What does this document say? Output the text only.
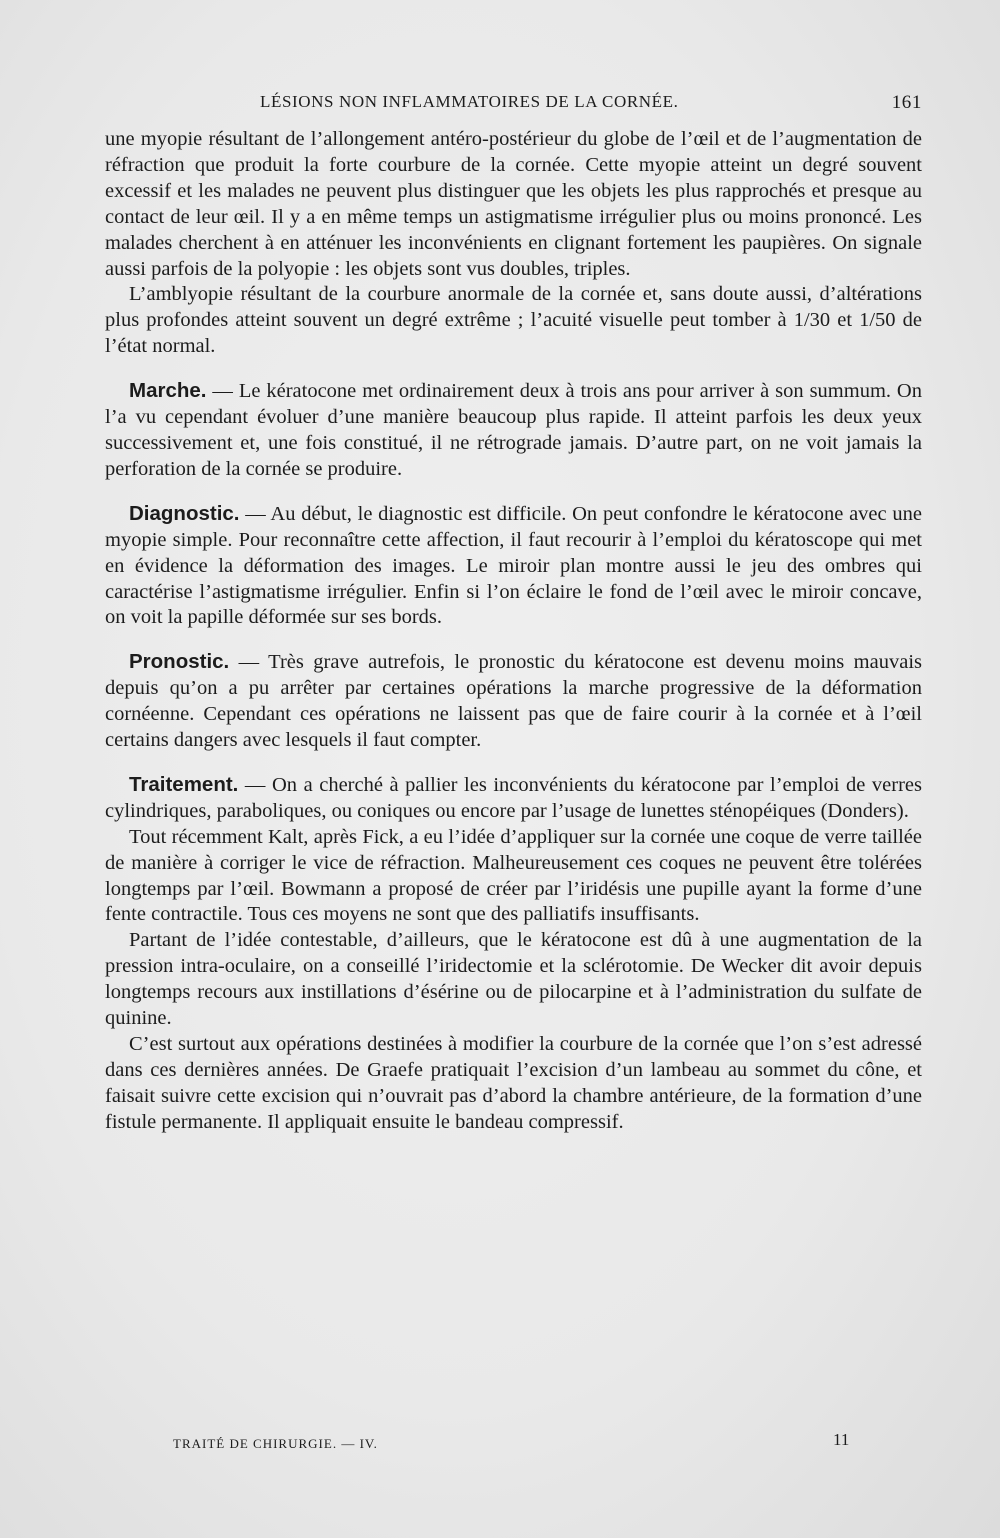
LÉSIONS NON INFLAMMATOIRES DE LA CORNÉE.	161

une myopie résultant de l’allongement antéro-postérieur du globe de l’œil et de l’augmentation de réfraction que produit la forte courbure de la cornée. Cette myopie atteint un degré souvent excessif et les malades ne peuvent plus distinguer que les objets les plus rapprochés et presque au contact de leur œil. Il y a en même temps un astigmatisme irrégulier plus ou moins prononcé. Les malades cherchent à en atténuer les inconvénients en clignant fortement les paupières. On signale aussi parfois de la polyopie : les objets sont vus doubles, triples.

L’amblyopie résultant de la courbure anormale de la cornée et, sans doute aussi, d’altérations plus profondes atteint souvent un degré extrême ; l’acuité visuelle peut tomber à 1/30 et 1/50 de l’état normal.

Marche. — Le kératocone met ordinairement deux à trois ans pour arriver à son summum. On l’a vu cependant évoluer d’une manière beaucoup plus rapide. Il atteint parfois les deux yeux successivement et, une fois constitué, il ne rétrograde jamais. D’autre part, on ne voit jamais la perforation de la cornée se produire.

Diagnostic. — Au début, le diagnostic est difficile. On peut confondre le kératocone avec une myopie simple. Pour reconnaître cette affection, il faut recourir à l’emploi du kératoscope qui met en évidence la déformation des images. Le miroir plan montre aussi le jeu des ombres qui caractérise l’astigmatisme irrégulier. Enfin si l’on éclaire le fond de l’œil avec le miroir concave, on voit la papille déformée sur ses bords.

Pronostic. — Très grave autrefois, le pronostic du kératocone est devenu moins mauvais depuis qu’on a pu arrêter par certaines opérations la marche progressive de la déformation cornéenne. Cependant ces opérations ne laissent pas que de faire courir à la cornée et à l’œil certains dangers avec lesquels il faut compter.

Traitement. — On a cherché à pallier les inconvénients du kératocone par l’emploi de verres cylindriques, paraboliques, ou coniques ou encore par l’usage de lunettes sténopéiques (Donders).

Tout récemment Kalt, après Fick, a eu l’idée d’appliquer sur la cornée une coque de verre taillée de manière à corriger le vice de réfraction. Malheureusement ces coques ne peuvent être tolérées longtemps par l’œil. Bowmann a proposé de créer par l’iridésis une pupille ayant la forme d’une fente contractile. Tous ces moyens ne sont que des palliatifs insuffisants.

Partant de l’idée contestable, d’ailleurs, que le kératocone est dû à une augmentation de la pression intra-oculaire, on a conseillé l’iridectomie et la sclérotomie. De Wecker dit avoir depuis longtemps recours aux instillations d’ésérine ou de pilocarpine et à l’administration du sulfate de quinine.

C’est surtout aux opérations destinées à modifier la courbure de la cornée que l’on s’est adressé dans ces dernières années. De Graefe pratiquait l’excision d’un lambeau au sommet du cône, et faisait suivre cette excision qui n’ouvrait pas d’abord la chambre antérieure, de la formation d’une fistule permanente. Il appliquait ensuite le bandeau compressif.

TRAITÉ DE CHIRURGIE. — IV.	11
